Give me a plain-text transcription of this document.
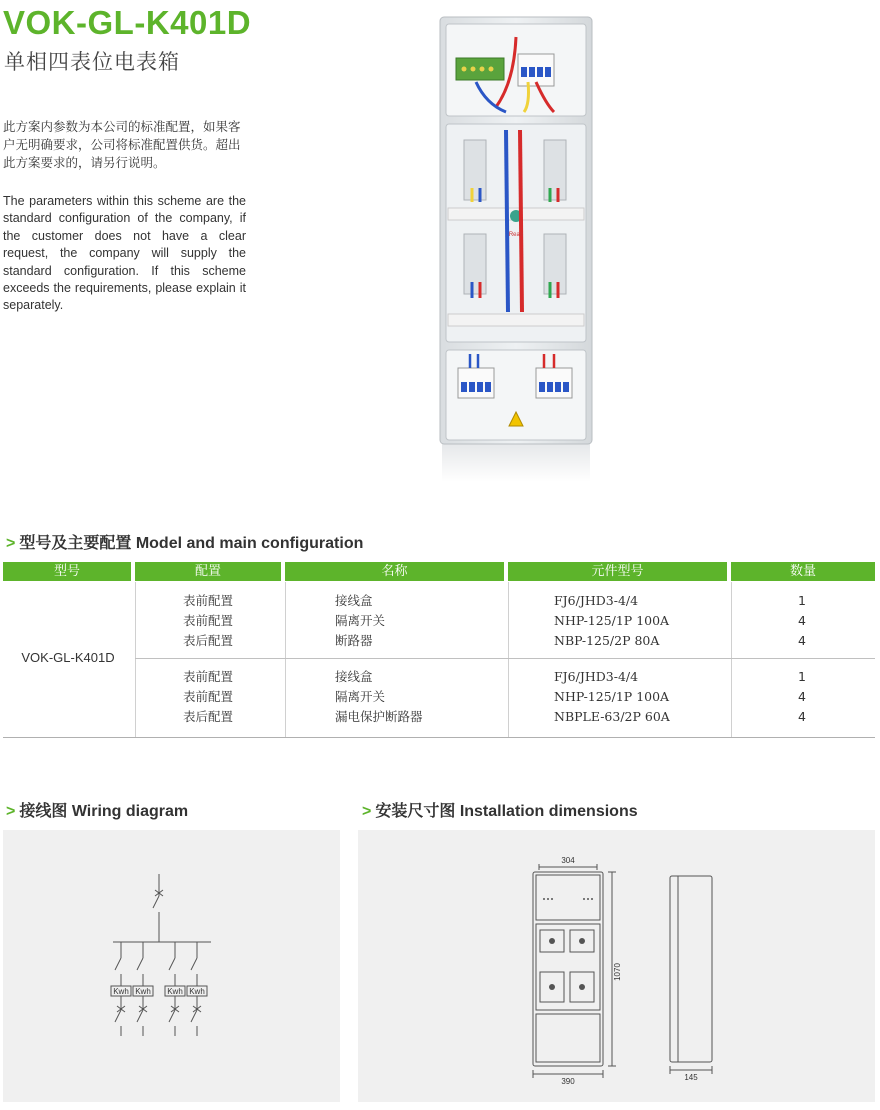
VOK-GL-K401D
单相四表位电表箱
此方案内参数为本公司的标准配置，如果客户无明确要求，公司将标准配置供货。超出此方案要求的，请另行说明。
The parameters within this scheme are the standard configuration of the company, if the customer does not have a clear request, the company will supply the standard configuration. If this scheme exceeds the requirements, please explain it separately.
Reab
> 型号及主要配置 Model and main configuration
型号	配置	名称	元件型号	数量
VOK-GL-K401D
表前配置	接线盒	FJ6/JHD3-4/4	1
表前配置	隔离开关	NHP-125/1P 100A	4
表后配置	断路器	NBP-125/2P 80A	4
表前配置	接线盒	FJ6/JHD3-4/4	1
表前配置	隔离开关	NHP-125/1P 100A	4
表后配置	漏电保护断路器	NBPLE-63/2P 60A	4
> 接线图 Wiring diagram
Kwh Kwh Kwh Kwh
> 安装尺寸图 Installation dimensions
304
390
1070
145
